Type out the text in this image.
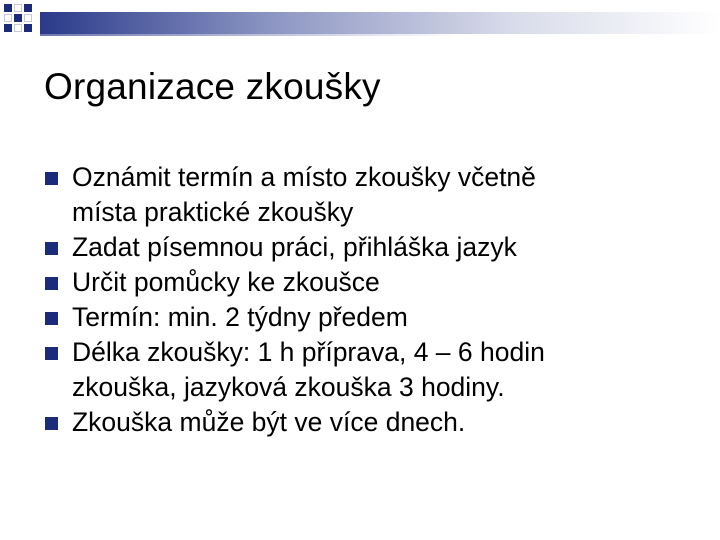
Organizace zkoušky
Oznámit termín a místo zkoušky včetně
místa praktické zkoušky
Zadat písemnou práci, přihláška jazyk
Určit pomůcky ke zkoušce
Termín: min. 2 týdny předem
Délka zkoušky: 1 h příprava, 4 – 6 hodin
zkouška, jazyková zkouška 3 hodiny.
Zkouška může být ve více dnech.
